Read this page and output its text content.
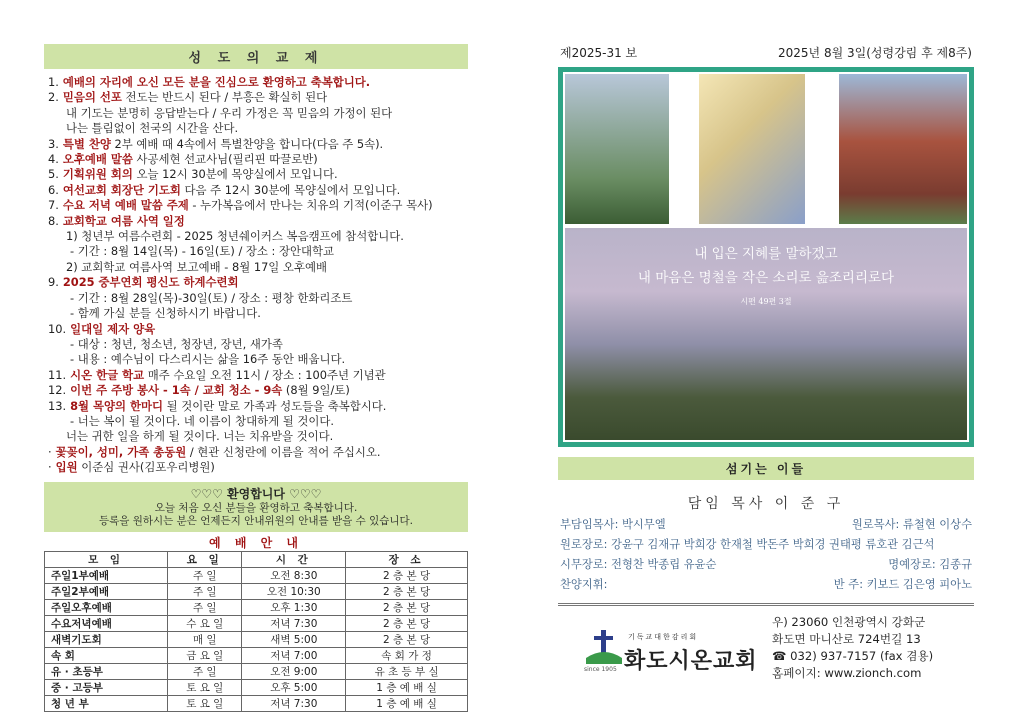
성 도 의 교 제
1. 예배의 자리에 오신 모든 분을 진심으로 환영하고 축복합니다.
2. 믿음의 선포 전도는 반드시 된다 / 부흥은 확실히 된다
내 기도는 분명히 응답받는다 / 우리 가정은 꼭 믿음의 가정이 된다
나는 틀림없이 천국의 시간을 산다.
3. 특별 찬양 2부 예배 때 4속에서 특별찬양을 합니다(다음 주 5속).
4. 오후예배 말씀 사공세현 선교사님(필리핀 따끌로반)
5. 기획위원 회의 오늘 12시 30분에 목양실에서 모입니다.
6. 여선교회 회장단 기도회 다음 주 12시 30분에 목양실에서 모입니다.
7. 수요 저녁 예배 말씀 주제 - 누가복음에서 만나는 치유의 기적(이준구 목사)
8. 교회학교 여름 사역 일정
1) 청년부 여름수련회 - 2025 청년쉐이커스 복음캠프에 참석합니다.
- 기간 : 8월 14일(목) - 16일(토) / 장소 : 장안대학교
2) 교회학교 여름사역 보고예배 - 8월 17일 오후예배
9. 2025 중부연회 평신도 하계수련회
- 기간 : 8월 28일(목)-30일(토) / 장소 : 평창 한화리조트
- 함께 가실 분들 신청하시기 바랍니다.
10. 일대일 제자 양육
- 대상 : 청년, 청소년, 청장년, 장년, 새가족
- 내용 : 예수님이 다스리시는 삶을 16주 동안 배웁니다.
11. 시온 한글 학교 매주 수요일 오전 11시 / 장소 : 100주년 기념관
12. 이번 주 주방 봉사 - 1속 / 교회 청소 - 9속 (8월 9일/토)
13. 8월 목양의 한마디 될 것이란 말로 가족과 성도들을 축복합시다.
- 너는 복이 될 것이다. 네 이름이 창대하게 될 것이다.
너는 귀한 일을 하게 될 것이다. 너는 치유받을 것이다.
· 꽃꽂이, 성미, 가족 총동원 / 현관 신청란에 이름을 적어 주십시오.
· 입원 이준심 권사(김포우리병원)
♡♡♡ 환영합니다 ♡♡♡
오늘 처음 오신 분들을 환영하고 축복합니다.
등록을 원하시는 분은 언제든지 안내위원의 안내를 받을 수 있습니다.
예 배 안 내
모 임	요 일	시 간	장 소
주일1부예배	주 일	오전 8:30	2 층 본 당
주일2부예배	주 일	오전 10:30	2 층 본 당
주일오후예배	주 일	오후 1:30	2 층 본 당
수요저녁예배	수 요 일	저녁 7:30	2 층 본 당
새벽기도회	매 일	새벽 5:00	2 층 본 당
속 회	금 요 일	저녁 7:00	속 회 가 정
유 · 초등부	주 일	오전 9:00	유 초 등 부 실
중 · 고등부	토 요 일	오후 5:00	1 층 예 배 실
청 년 부	토 요 일	저녁 7:30	1 층 예 배 실
제2025-31 보	2025년 8월 3일(성령강림 후 제8주)
내 입은 지혜를 말하겠고
내 마음은 명철을 작은 소리로 읊조리리로다
시편 49편 3절
섬기는 이들
담임 목사 이 준 구
부담임목사: 박시무엘	원로목사: 류철현 이상수
원로장로: 강윤구 김재규 박희강 한재철 박돈주 박희경 권태평 류호관 김근석
시무장로: 전형찬 박종립 유윤순	명예장로: 김종규
찬양지휘:	반 주: 키보드 김은영 피아노
기독교대한감리회
화도시온교회
since 1905
우) 23060 인천광역시 강화군
화도면 마니산로 724번길 13
☎ 032) 937-7157 (fax 겸용)
홈페이지: www.zionch.com
